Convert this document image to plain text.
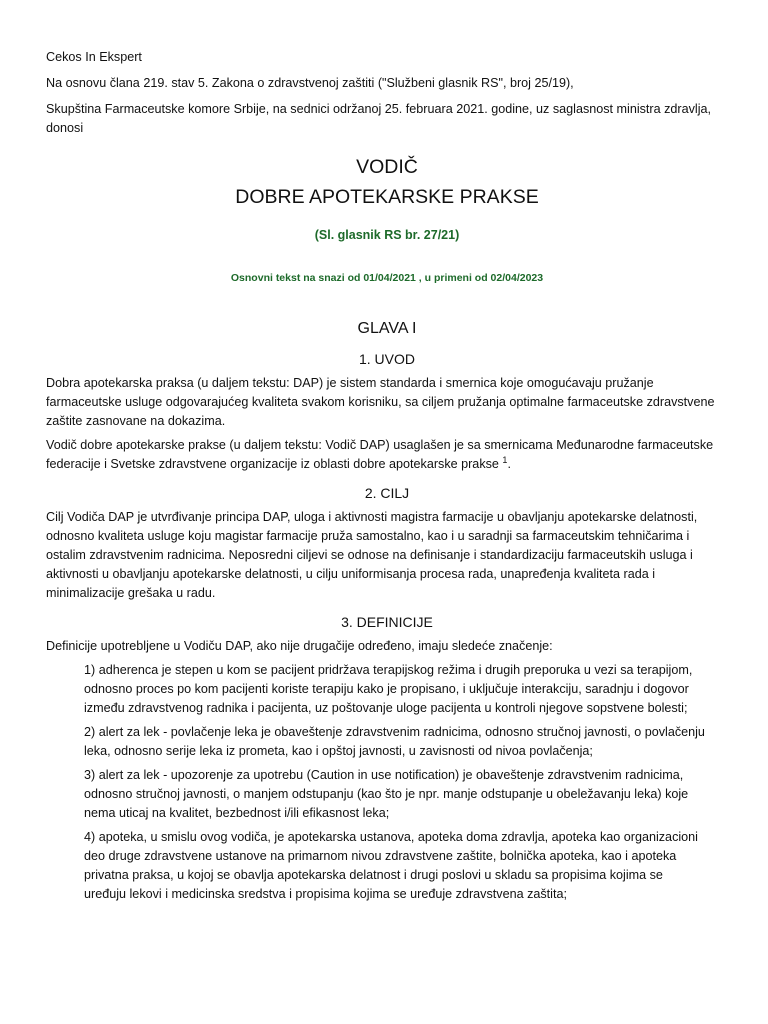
Cekos In Ekspert

Na osnovu člana 219. stav 5. Zakona o zdravstvenoj zaštiti ("Službeni glasnik RS", broj 25/19),

Skupština Farmaceutske komore Srbije, na sednici održanoj 25. februara 2021. godine, uz saglasnost ministra zdravlja, donosi

VODIČ
DOBRE APOTEKARSKE PRAKSE
(Sl. glasnik RS br. 27/21)
Osnovni tekst na snazi od 01/04/2021 , u primeni od 02/04/2023
GLAVA I
1. UVOD

Dobra apotekarska praksa (u daljem tekstu: DAP) je sistem standarda i smernica koje omogućavaju pružanje farmaceutske usluge odgovarajućeg kvaliteta svakom korisniku, sa ciljem pružanja optimalne farmaceutske zdravstvene zaštite zasnovane na dokazima.

Vodič dobre apotekarske prakse (u daljem tekstu: Vodič DAP) usaglašen je sa smernicama Međunarodne farmaceutske federacije i Svetske zdravstvene organizacije iz oblasti dobre apotekarske prakse $^1$.

2. CILJ

Cilj Vodiča DAP je utvrđivanje principa DAP, uloga i aktivnosti magistra farmacije u obavljanju apotekarske delatnosti, odnosno kvaliteta usluge koju magistar farmacije pruža samostalno, kao i u saradnji sa farmaceutskim tehničarima i ostalim zdravstvenim radnicima. Neposredni ciljevi se odnose na definisanje i standardizaciju farmaceutskih usluga i aktivnosti u obavljanju apotekarske delatnosti, u cilju uniformisanja procesa rada, unapređenja kvaliteta rada i minimalizacije grešaka u radu.

3. DEFINICIJE

Definicije upotrebljene u Vodiču DAP, ako nije drugačije određeno, imaju sledeće značenje:

1) adherenca je stepen u kom se pacijent pridržava terapijskog režima i drugih preporuka u vezi sa terapijom, odnosno proces po kom pacijenti koriste terapiju kako je propisano, i uključuje interakciju, saradnju i dogovor između zdravstvenog radnika i pacijenta, uz poštovanje uloge pacijenta u kontroli njegove sopstvene bolesti;
2) alert za lek - povlačenje leka je obaveštenje zdravstvenim radnicima, odnosno stručnoj javnosti, o povlačenju leka, odnosno serije leka iz prometa, kao i opštoj javnosti, u zavisnosti od nivoa povlačenja;
3) alert za lek - upozorenje za upotrebu (Caution in use notification) je obaveštenje zdravstvenim radnicima, odnosno stručnoj javnosti, o manjem odstupanju (kao što je npr. manje odstupanje u obeležavanju leka) koje nema uticaj na kvalitet, bezbednost i/ili efikasnost leka;
4) apoteka, u smislu ovog vodiča, je apotekarska ustanova, apoteka doma zdravlja, apoteka kao organizacioni deo druge zdravstvene ustanove na primarnom nivou zdravstvene zaštite, bolnička apoteka, kao i apoteka privatna praksa, u kojoj se obavlja apotekarska delatnost i drugi poslovi u skladu sa propisima kojima se uređuju lekovi i medicinska sredstva i propisima kojima se uređuje zdravstvena zaštita;
